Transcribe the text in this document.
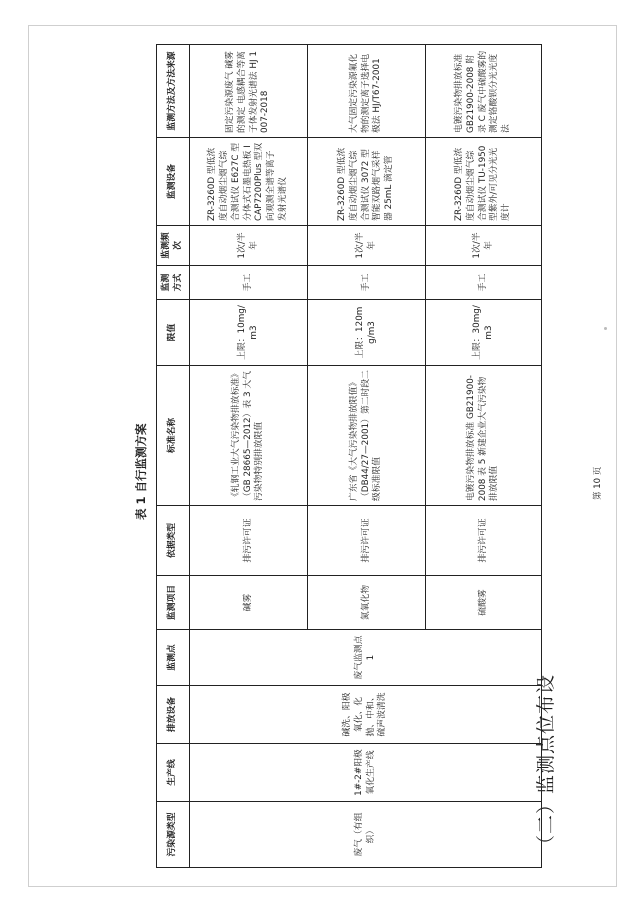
（二）监测点位布设
污染源类型	生产线	排放设备	监测点	监测项目	依据类型	标准名称	限值	监测方式	监测频次	监测设备	监测方法及方法来源
废气（有组织）	1#-2#阳极氧化生产线	碱洗、阳极氧化、化抛、中和、硫声波清洗	废气监测点 1	碱雾	排污许可证	《轧钢工业大气污染物排放标准》（GB 28665—2012）表 3 大气污染物特别排放限值	上限：10mg/m3	手工	1次/半年	ZR-3260D 型低浓度自动烟尘烟气综合测试仪 E627C 型分体式石墨电热板 ICAP7200Plus 型双向观测全谱等离子发射光谱仪	固定污染源废气 碱雾的测定 电感耦合等离子体发射光谱法 HJ 1007-2018
				氮氧化物	排污许可证	广东省《大气污染物排放限值》（DB44/27—2001）第二时段二级标准限值	上限：120mg/m3	手工	1次/半年	ZR-3260D 型低浓度自动烟尘烟气综合测试仪 3072 型智能双路烟气采样器 25mL 滴定管	大气固定污染源氟化物的测定离子选择电极法 HJ/T67-2001
				硫酸雾	排污许可证	电镀污染物排放标准 GB21900-2008 表 5 新建企业大气污染物排放限值	上限：30mg/m3	手工	1次/半年	ZR-3260D 型低浓度自动烟尘烟气综合测试仪 TU-1950 型紫外/可见分光光度计	电镀污染物排放标准 GB21900-2008 附录 C 废气中硫酸雾的测定铬酸钡分光光度法
表 1 自行监测方案	第 10 页
